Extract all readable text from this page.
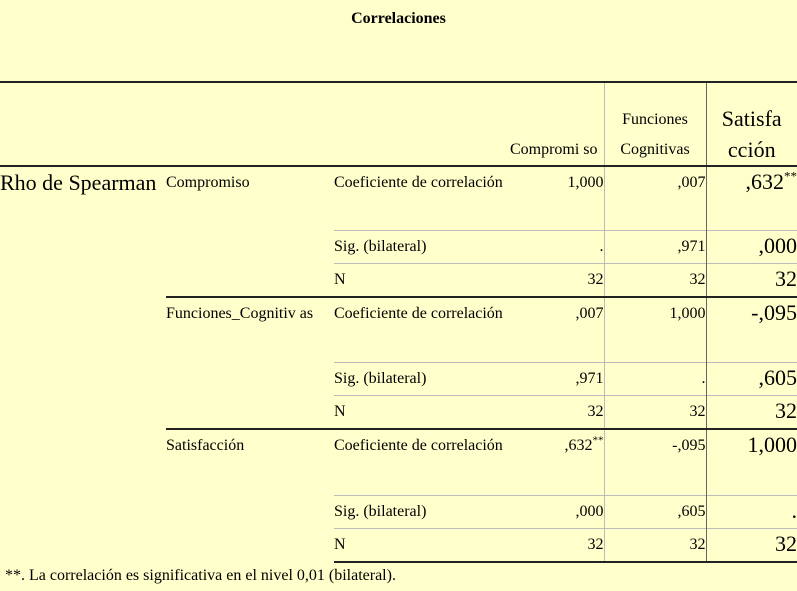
Correlaciones
			Compromi so	Funciones Cognitivas	Satisfa cción
Rho de Spearman	Compromiso	Coeficiente de correlación	1,000	,007	,632**
		Sig. (bilateral)	.	,971	,000
		N	32	32	32
	Funciones_Cognitiv as	Coeficiente de correlación	,007	1,000	-,095
		Sig. (bilateral)	,971	.	,605
		N	32	32	32
	Satisfacción	Coeficiente de correlación	,632**	-,095	1,000
		Sig. (bilateral)	,000	,605	.
		N	32	32	32
**. La correlación es significativa en el nivel 0,01 (bilateral).
